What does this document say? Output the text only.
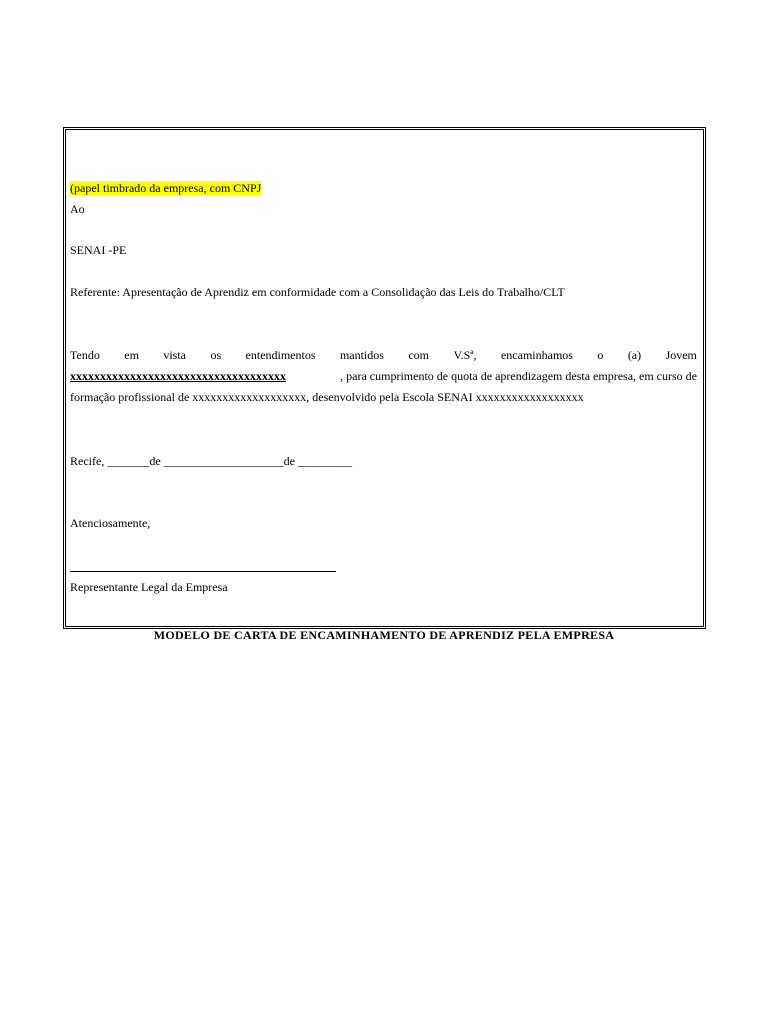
(papel timbrado da empresa, com CNPJ
Ao
SENAI -PE
Referente: Apresentação de Aprendiz em conformidade com a Consolidação das Leis do Trabalho/CLT
Tendo em vista os entendimentos mantidos com V.Sª, encaminhamos o (a) Jovem
xxxxxxxxxxxxxxxxxxxxxxxxxxxxxxxxxxxx	, para cumprimento de quota de aprendizagem desta empresa, em curso de
formação profissional de xxxxxxxxxxxxxxxxxxx, desenvolvido pela Escola SENAI xxxxxxxxxxxxxxxxxx
Recife, _______de ____________________de _________
Atenciosamente,
Representante Legal da Empresa
MODELO DE CARTA DE ENCAMINHAMENTO DE APRENDIZ PELA EMPRESA
